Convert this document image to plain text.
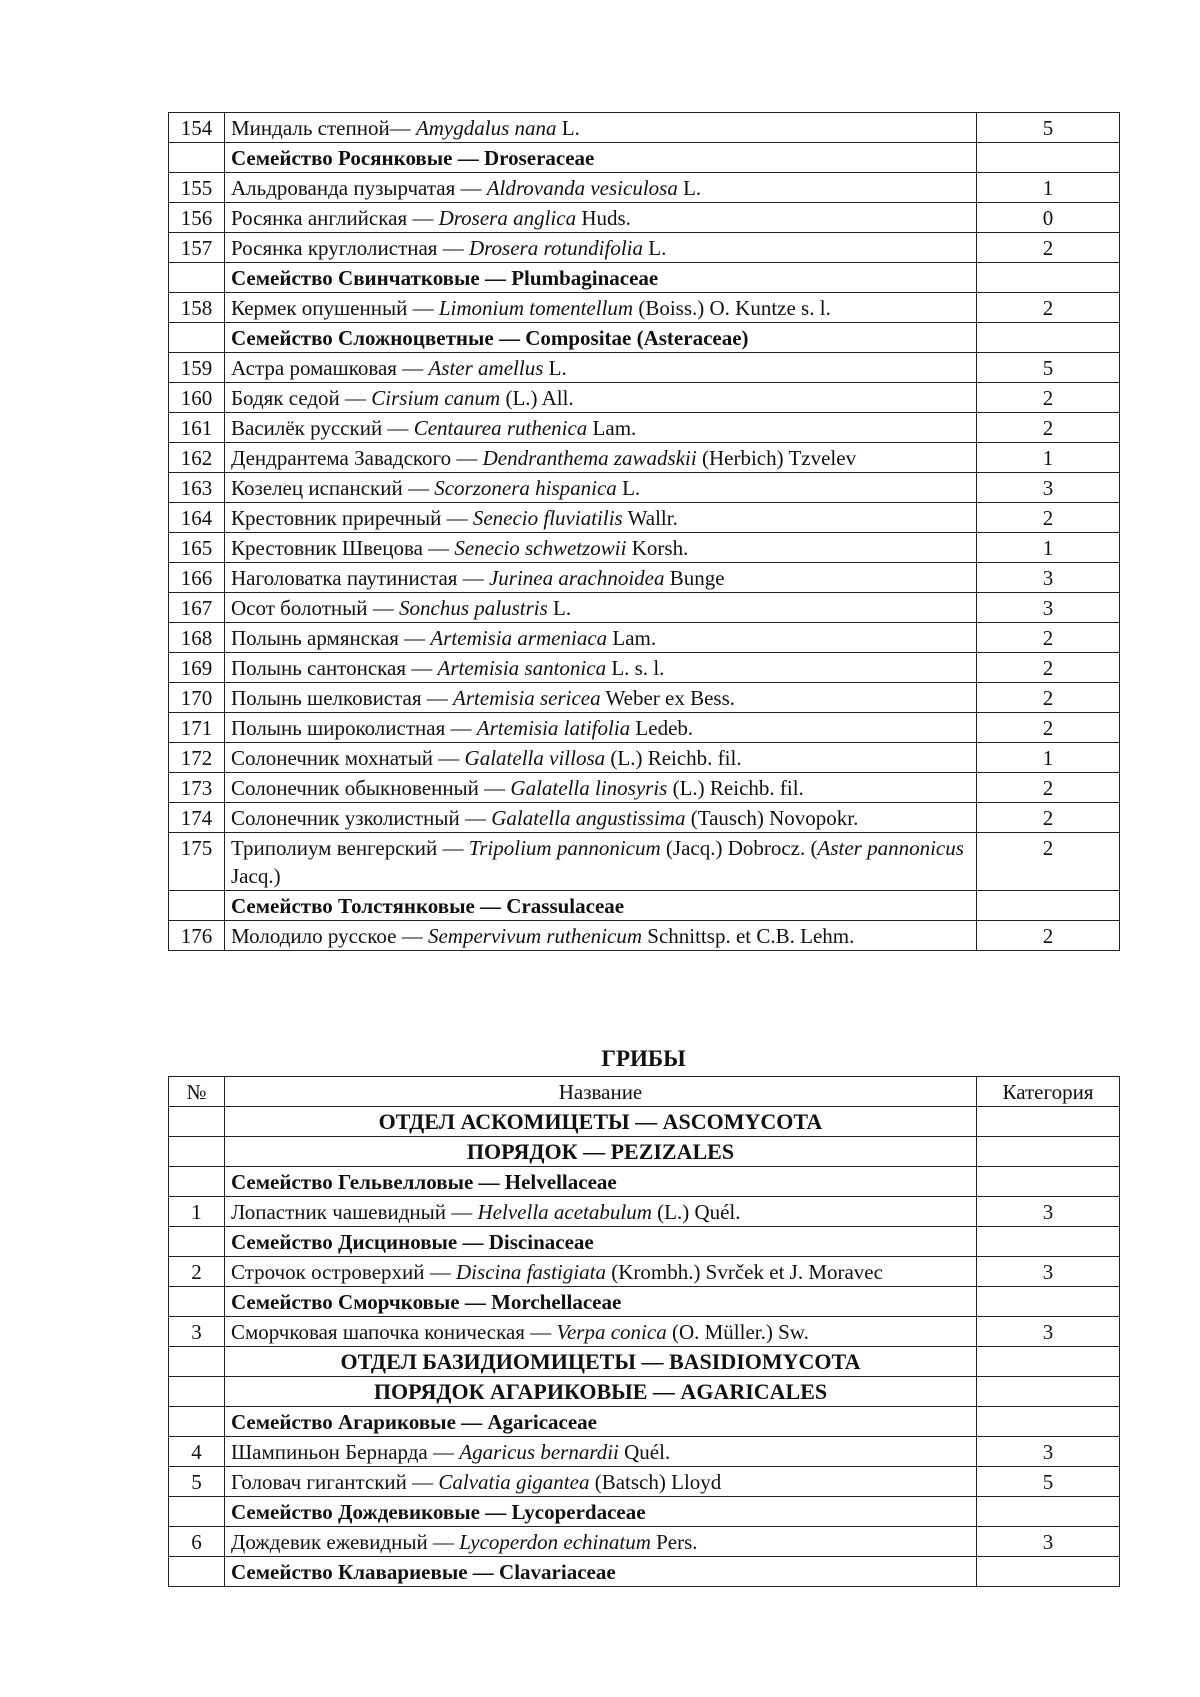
154	Миндаль степной— Amygdalus nana L.	5
	Семейство Росянковые — Droseraceae	
155	Альдрованда пузырчатая — Aldrovanda vesiculosa L.	1
156	Росянка английская — Drosera anglica Huds.	0
157	Росянка круглолистная — Drosera rotundifolia L.	2
	Семейство Свинчатковые — Plumbaginaceae	
158	Кермек опушенный — Limonium tomentellum (Boiss.) O. Kuntze s. l.	2
	Семейство Сложноцветные — Compositae (Asteraceae)	
159	Астра ромашковая — Aster amellus L.	5
160	Бодяк седой — Cirsium canum (L.) All.	2
161	Василёк русский — Centaurea ruthenica Lam.	2
162	Дендрантема Завадского — Dendranthema zawadskii (Herbich) Tzvelev	1
163	Козелец испанский — Scorzonera hispanica L.	3
164	Крестовник приречный — Senecio fluviatilis Wallr.	2
165	Крестовник Швецова — Senecio schwetzowii Korsh.	1
166	Наголоватка паутинистая — Jurinea arachnoidea Bunge	3
167	Осот болотный — Sonchus palustris L.	3
168	Полынь армянская — Artemisia armeniaca Lam.	2
169	Полынь сантонская — Artemisia santonica L. s. l.	2
170	Полынь шелковистая — Artemisia sericea Weber ex Bess.	2
171	Полынь широколистная — Artemisia latifolia Ledeb.	2
172	Солонечник мохнатый — Galatella villosa (L.) Reichb. fil.	1
173	Солонечник обыкновенный — Galatella linosyris (L.) Reichb. fil.	2
174	Солонечник узколистный — Galatella angustissima (Tausch) Novopokr.	2
175	Триполиум венгерский — Tripolium pannonicum (Jacq.) Dobrocz. (Aster pannonicus Jacq.)	2
	Семейство Толстянковые — Crassulaceae	
176	Молодило русское — Sempervivum ruthenicum Schnittsp. et C.B. Lehm.	2
ГРИБЫ
№	Название	Категория
	ОТДЕЛ АСКОМИЦЕТЫ — ASCOMYCOTA	
	ПОРЯДОК — PEZIZALES	
	Семейство Гельвелловые — Helvellaceae	
1	Лопастник чашевидный — Helvella acetabulum (L.) Quél.	3
	Семейство Дисциновые — Discinaceae	
2	Строчок островерхий — Discina fastigiata (Krombh.) Svrček et J. Moravec	3
	Семейство Сморчковые — Morchellaceae	
3	Сморчковая шапочка коническая — Verpa conica (O. Müller.) Sw.	3
	ОТДЕЛ БАЗИДИОМИЦЕТЫ — BASIDIOMYCOTA	
	ПОРЯДОК АГАРИКОВЫЕ — AGARICALES	
	Семейство Агариковые — Agaricaceae	
4	Шампиньон Бернарда — Agaricus bernardii Quél.	3
5	Головач гигантский — Calvatia gigantea (Batsch) Lloyd	5
	Семейство Дождевиковые — Lycoperdaceae	
6	Дождевик ежевидный — Lycoperdon echinatum Pers.	3
	Семейство Клавариевые — Clavariaceae	
